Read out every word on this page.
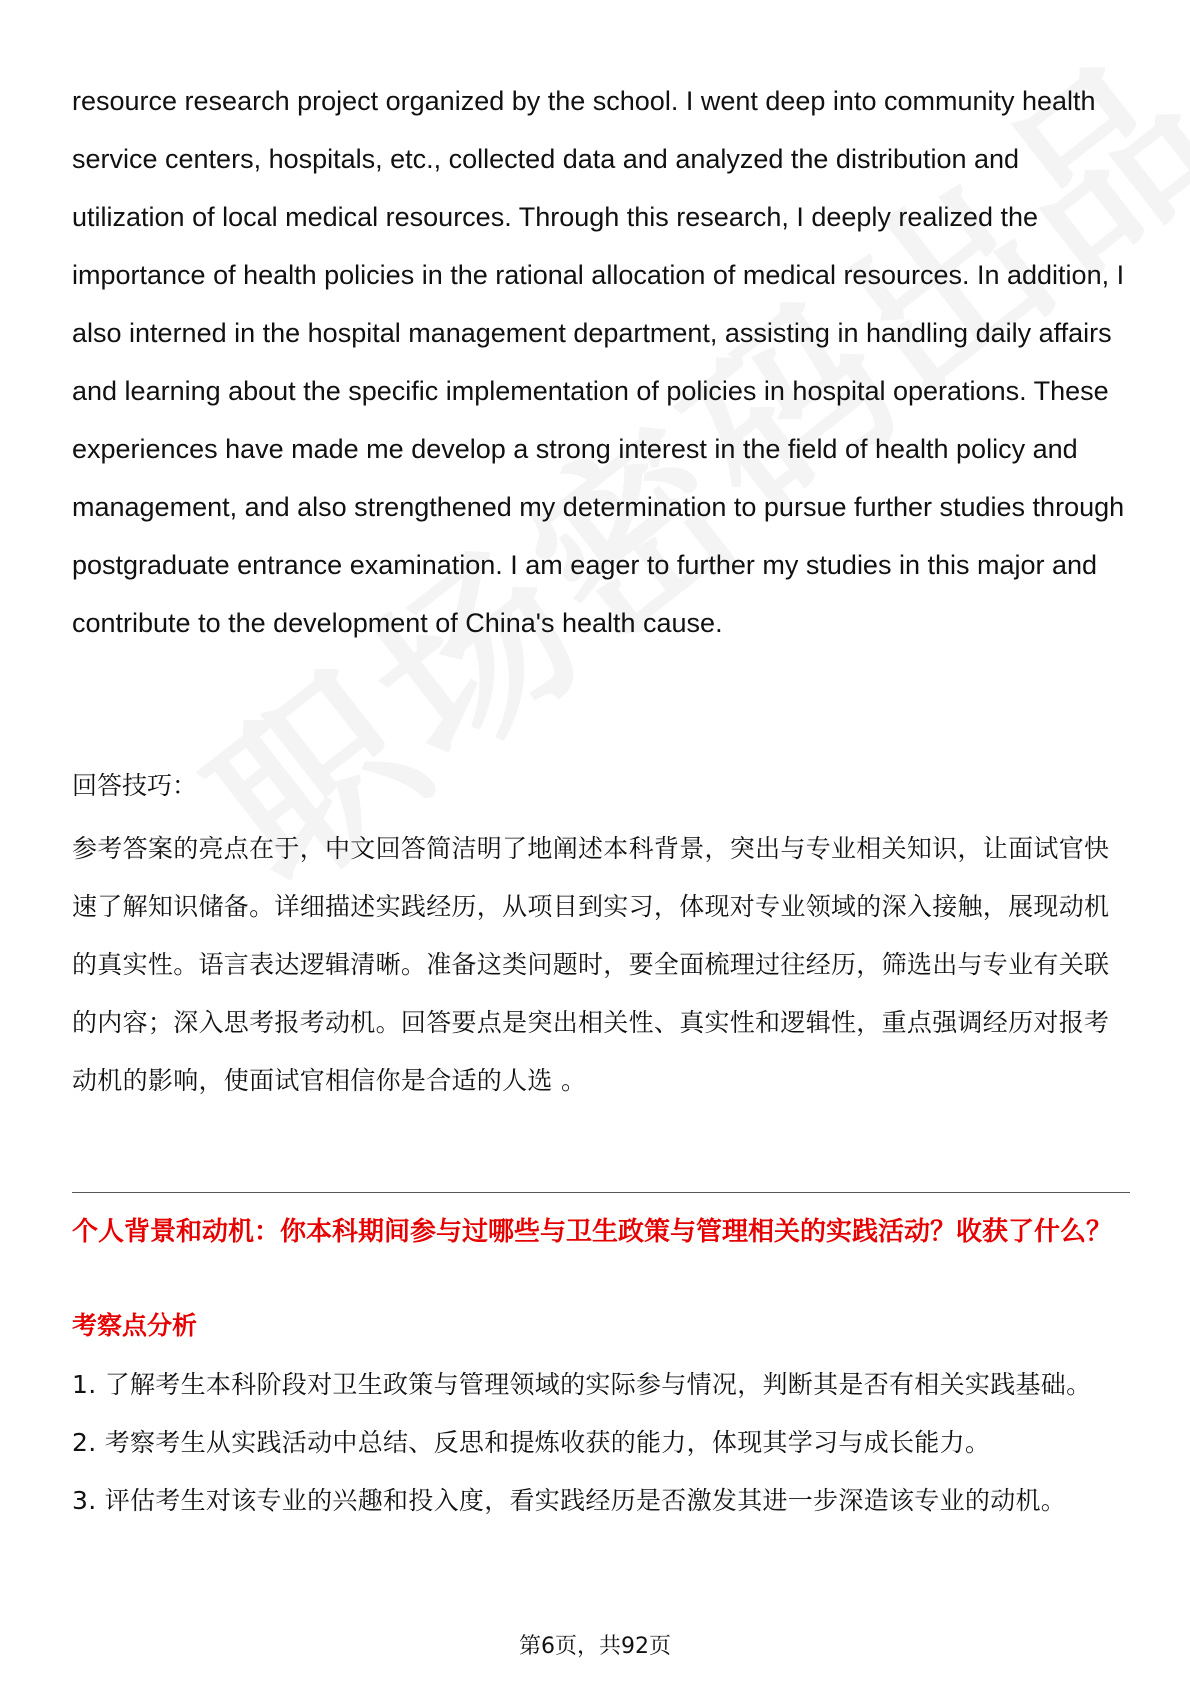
resource research project organized by the school. I went deep into community health service centers, hospitals, etc., collected data and analyzed the distribution and utilization of local medical resources. Through this research, I deeply realized the importance of health policies in the rational allocation of medical resources. In addition, I also interned in the hospital management department, assisting in handling daily affairs and learning about the specific implementation of policies in hospital operations. These experiences have made me develop a strong interest in the field of health policy and management, and also strengthened my determination to pursue further studies through postgraduate entrance examination. I am eager to further my studies in this major and contribute to the development of China's health cause.

回答技巧：

参考答案的亮点在于，中文回答简洁明了地阐述本科背景，突出与专业相关知识，让面试官快速了解知识储备。详细描述实践经历，从项目到实习，体现对专业领域的深入接触，展现动机的真实性。语言表达逻辑清晰。准备这类问题时，要全面梳理过往经历，筛选出与专业有关联的内容；深入思考报考动机。回答要点是突出相关性、真实性和逻辑性，重点强调经历对报考动机的影响，使面试官相信你是合适的人选 。

个人背景和动机：你本科期间参与过哪些与卫生政策与管理相关的实践活动？收获了什么？

考察点分析

1. 了解考生本科阶段对卫生政策与管理领域的实际参与情况，判断其是否有相关实践基础。
2. 考察考生从实践活动中总结、反思和提炼收获的能力，体现其学习与成长能力。
3. 评估考生对该专业的兴趣和投入度，看实践经历是否激发其进一步深造该专业的动机。
第6页，共92页
